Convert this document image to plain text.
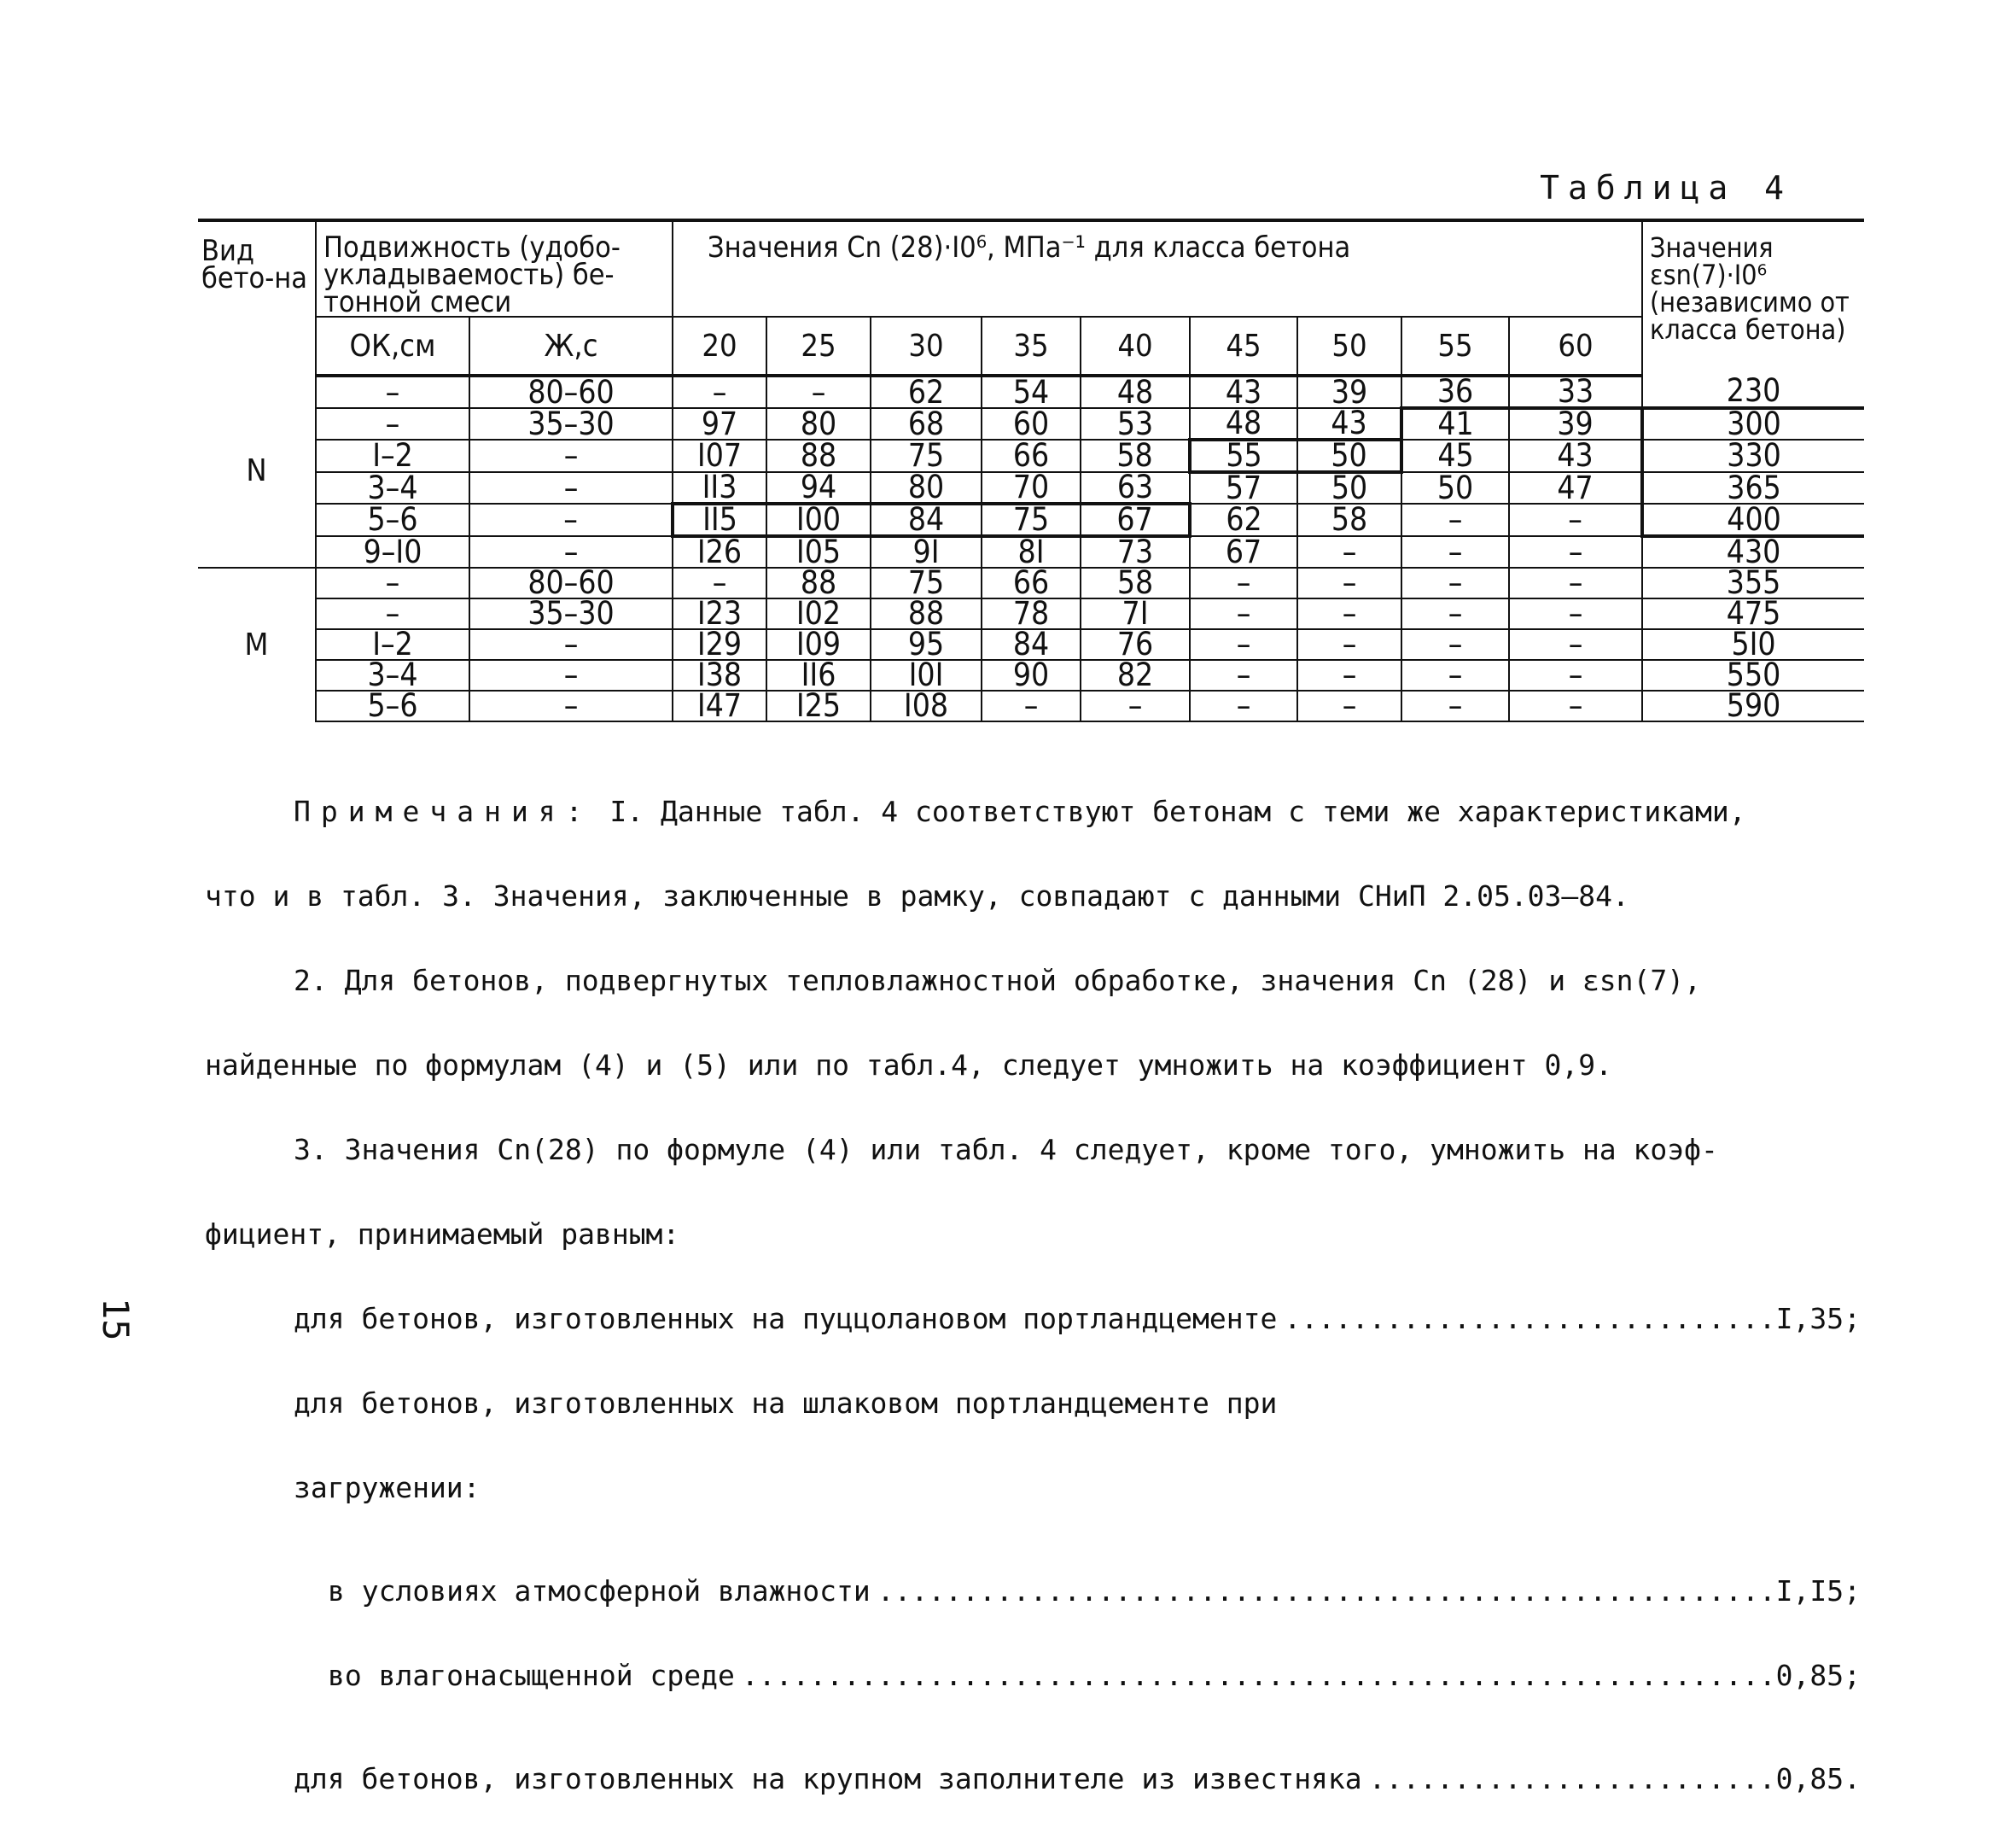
Таблица 4
Вид бето-на	Подвижность (удобо-укладываемость) бе-тонной смеси		Значения Cn (28)·I0⁶, МПа⁻¹ для класса бетона									Значения εsn(7)·I0⁶ (независимо от класса бетона)
	ОК,см	Ж,с	20	25	30	35	40	45	50	55	60	
N	–	80–60	–	–	62	54	48	43	39	36	33	230
	–	35–30	97	80	68	60	53	48	43	41	39	300
	I–2	–	I07	88	75	66	58	55	50	45	43	330
	3–4	–	II3	94	80	70	63	57	50	50	47	365
	5–6	–	II5	I00	84	75	67	62	58	–	–	400
	9–I0	–	I26	I05	9I	8I	73	67	–	–	–	430
M	–	80–60	–	88	75	66	58	–	–	–	–	355
	–	35–30	I23	I02	88	78	7I	–	–	–	–	475
	I–2	–	I29	I09	95	84	76	–	–	–	–	5I0
	3–4	–	I38	II6	I0I	90	82	–	–	–	–	550
	5–6	–	I47	I25	I08	–	–	–	–	–	–	590

Примечания: I. Данные табл. 4 соответствуют бетонам с теми же характеристиками,

что и в табл. 3. Значения, заключенные в рамку, совпадают с данными СНиП 2.05.03–84.

2. Для бетонов, подвергнутых тепловлажностной обработке, значения Cn (28) и εsn(7),

найденные по формулам (4) и (5) или по табл.4, следует умножить на коэффициент 0,9.

3. Значения Cn(28) по формуле (4) или табл. 4 следует, кроме того, умножить на коэф-

фициент, принимаемый равным:

для бетонов, изготовленных на пуццолановом портландцементе .....	I,35;

для бетонов, изготовленных на шлаковом портландцементе при

загружении:

в условиях атмосферной влажности .....	I,I5;

во влагонасыщенной среде .....	0,85;

для бетонов, изготовленных на крупном заполнителе из известняка .....	0,85.

15
